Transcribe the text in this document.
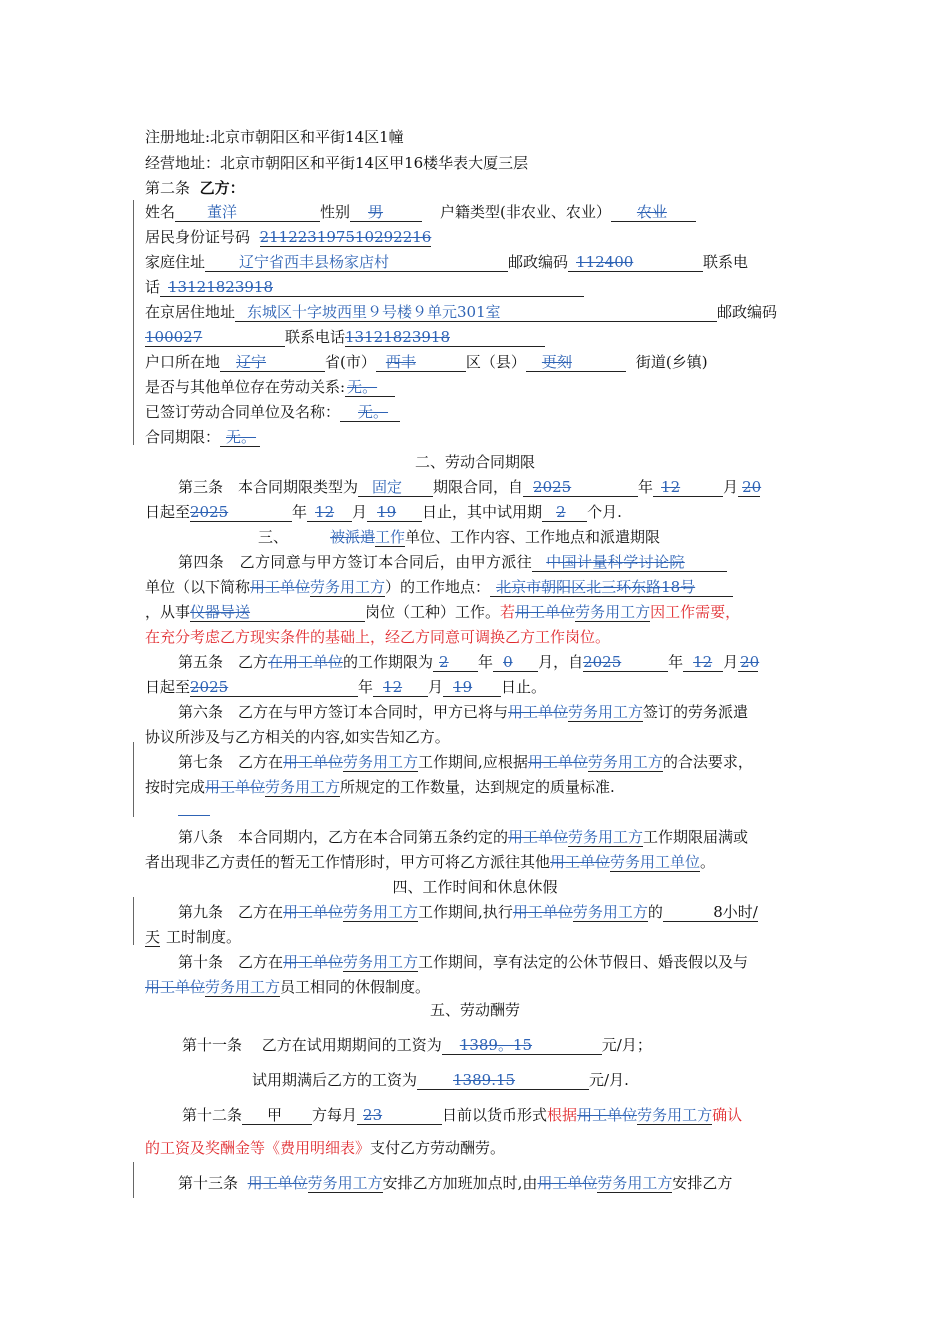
注册地址:北京市朝阳区和平街14区1幢
经营地址：北京市朝阳区和平街14区甲16楼华表大厦三层
第二条 乙方：
姓名 董洋	性别 男	户籍类型(非农业、农业） 农业
居民身份证号码 211223197510292216
家庭住址 辽宁省西丰县杨家店村	邮政编码 112400	联系电
话 13121823918
在京居住地址 东城区十字坡西里９号楼９单元301室	邮政编码
100027	联系电话13121823918
户口所在地 辽宁	省(市） 西丰	区（县） 更刻	街道(乡镇)
是否与其他单位存在劳动关系: 无。
已签订劳动合同单位及名称： 无。
合同期限： 无。
二、劳动合同期限
第三条　本合同期限类型为 固定 期限合同，自 2025	年 12	月 20
日起至2025	年 12 月 19 日止，其中试用期 2 个月.
三、	被派遣工作单位、工作内容、工作地点和派遣期限
第四条　乙方同意与甲方签订本合同后，由甲方派往 中国计量科学讨论院
单位（以下简称用工单位劳务用工方）的工作地点： 北京市朝阳区北三环东路18号
，从事仪器导送	岗位（工种）工作。若用工单位劳务用工方因工作需要，
在充分考虑乙方现实条件的基础上，经乙方同意可调换乙方工作岗位。
第五条　乙方在用工单位的工作期限为 2 年 0 月，自2025	年 12 月 20
日起至2025	年 12 月 19 日止。
第六条　乙方在与甲方签订本合同时，甲方已将与用工单位劳务用工方签订的劳务派遣
协议所涉及与乙方相关的内容,如实告知乙方。
第七条　乙方在用工单位劳务用工方工作期间,应根据用工单位劳务用工方的合法要求，
按时完成用工单位劳务用工方所规定的工作数量，达到规定的质量标准.
第八条　本合同期内，乙方在本合同第五条约定的用工单位劳务用工方工作期限届满或
者出现非乙方责任的暂无工作情形时，甲方可将乙方派往其他用工单位劳务用工单位。
四、工作时间和休息休假
第九条　乙方在用工单位劳务用工方工作期间,执行用工单位劳务用工方的	8小时/
天 工时制度。
第十条　乙方在用工单位劳务用工方工作期间，享有法定的公休节假日、婚丧假以及与
用工单位劳务用工方员工相同的休假制度。
五、劳动酬劳
第十一条　 乙方在试用期期间的工资为 1389。15	元/月；
试用期满后乙方的工资为 1389.15	元/月.
第十二条 甲 方每月 23	日前以货币形式根据用工单位劳务用工方确认
的工资及奖酬金等《费用明细表》支付乙方劳动酬劳。
第十三条 用工单位劳务用工方安排乙方加班加点时,由用工单位劳务用工方安排乙方
